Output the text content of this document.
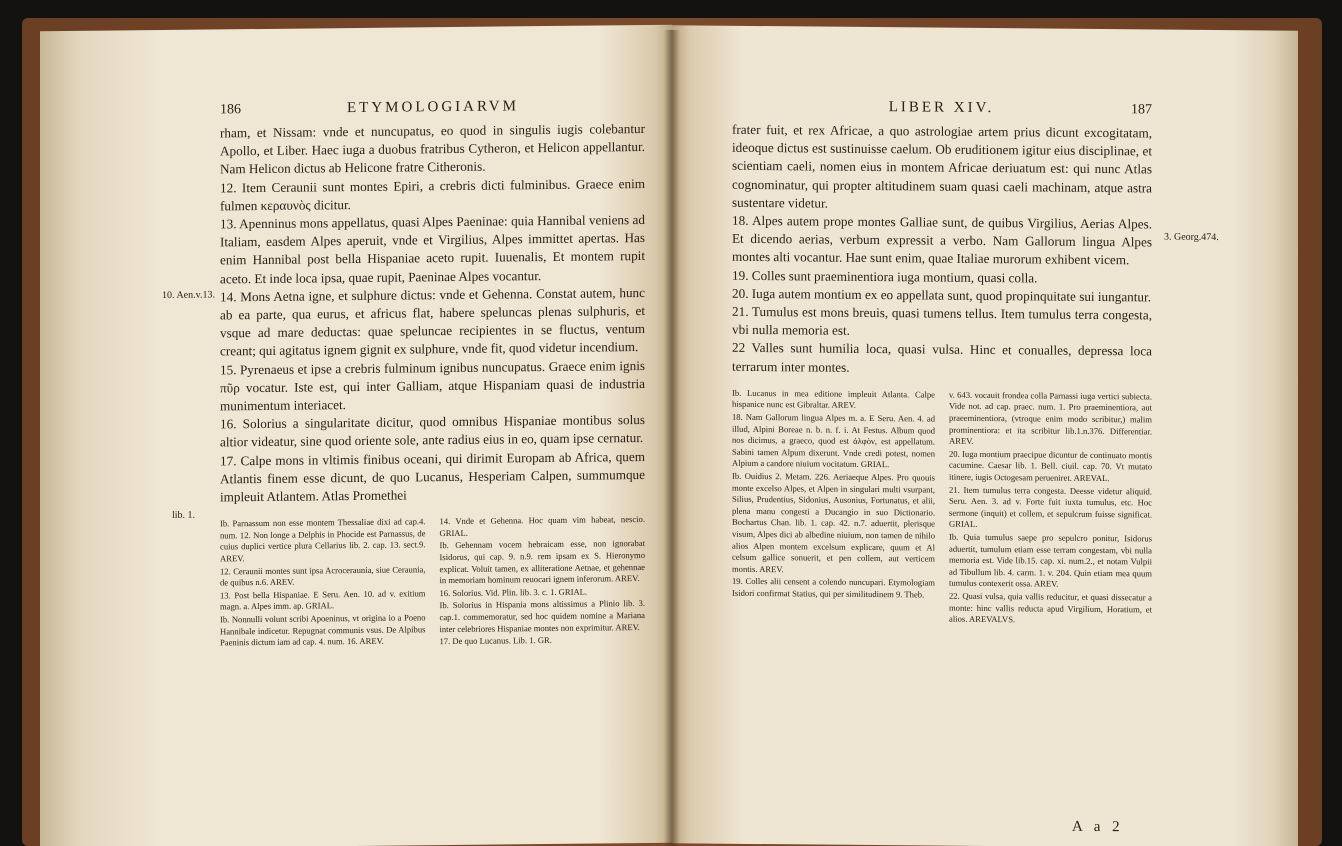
186	ETYMOLOGIARVM

rham, et Nissam: vnde et nuncupatus, eo quod in singulis iugis colebantur Apollo, et Liber. Haec iuga a duobus fratribus Cytheron, et Helicon appellantur. Nam Helicon dictus ab Helicone fratre Citheronis.

12. Item Ceraunii sunt montes Epiri, a crebris dicti fulminibus. Graece enim fulmen κεραυνὸς dicitur.

13. Apenninus mons appellatus, quasi Alpes Paeninae: quia Hannibal veniens ad Italiam, easdem Alpes aperuit, vnde et Virgilius, Alpes immittet apertas. Has enim Hannibal post bella Hispaniae aceto rupit. Iuuenalis, Et montem rupit aceto. Et inde loca ipsa, quae rupit, Paeninae Alpes vocantur.

14. Mons Aetna igne, et sulphure dictus: vnde et Gehenna. Constat autem, hunc ab ea parte, qua eurus, et africus flat, habere speluncas plenas sulphuris, et vsque ad mare deductas: quae speluncae recipientes in se fluctus, ventum creant; qui agitatus ignem gignit ex sulphure, vnde fit, quod videtur incendium.

15. Pyrenaeus et ipse a crebris fulminum ignibus nuncupatus. Graece enim ignis πῦρ vocatur. Iste est, qui inter Galliam, atque Hispaniam quasi de industria munimentum interiacet.

16. Solorius a singularitate dicitur, quod omnibus Hispaniae montibus solus altior videatur, sine quod oriente sole, ante radius eius in eo, quam ipse cernatur.

17. Calpe mons in vltimis finibus oceani, qui dirimit Europam ab Africa, quem Atlantis finem esse dicunt, de quo Lucanus, Hesperiam Calpen, summumque impleuit Atlantem. Atlas Promethei

Ib. Parnassum non esse montem Thessaliae dixi ad cap.4. num. 12. Non longe a Delphis in Phocide est Parnassus, de cuius duplici vertice plura Cellarius lib. 2. cap. 13. sect.9. AREV.

12. Ceraunii montes sunt ipsa Acroceraunia, siue Ceraunia, de quibus n.6. AREV.

13. Post bella Hispaniae. E Seru. Aen. 10. ad v. exitium magn. a. Alpes imm. ap. GRIAL.

Ib. Nonnulli volunt scribi Apoeninus, vt origina io a Poeno Hannibale indicetur. Repugnat communis vsus. De Alpibus Paeninis dictum iam ad cap. 4. num. 16. AREV.

14. Vnde et Gehenna. Hoc quam vim habeat, nescio. GRIAL.

Ib. Gehennam vocem hebraicam esse, non ignorabat Isidorus, qui cap. 9. n.9. rem ipsam ex S. Hieronymo explicat. Voluit tamen, ex alliteratione Aetnae, et gehennae in memoriam hominum reuocari ignem inferorum. AREV.

16. Solorius. Vid. Plin. lib. 3. c. 1. GRIAL.

Ib. Solorius in Hispania mons altissimus a Plinio lib. 3. cap.1. commemoratur, sed hoc quidem nomine a Mariana inter celebriores Hispaniae montes non exprimitur. AREV.

17. De quo Lucanus. Lib. 1. GR.

10. Aen.v.13.
lib. 1.
LIBER XIV.	187

frater fuit, et rex Africae, a quo astrologiae artem prius dicunt excogitatam, ideoque dictus est sustinuisse caelum. Ob eruditionem igitur eius disciplinae, et scientiam caeli, nomen eius in montem Africae deriuatum est: qui nunc Atlas cognominatur, qui propter altitudinem suam quasi caeli machinam, atque astra sustentare videtur.

18. Alpes autem prope montes Galliae sunt, de quibus Virgilius, Aerias Alpes. Et dicendo aerias, verbum expressit a verbo. Nam Gallorum lingua Alpes montes alti vocantur. Hae sunt enim, quae Italiae murorum exhibent vicem.

19. Colles sunt praeminentiora iuga montium, quasi colla.

20. Iuga autem montium ex eo appellata sunt, quod propinquitate sui iungantur.

21. Tumulus est mons breuis, quasi tumens tellus. Item tumulus terra congesta, vbi nulla memoria est.

22 Valles sunt humilia loca, quasi vulsa. Hinc et conualles, depressa loca terrarum inter montes.

Ib. Lucanus in mea editione impleuit Atlanta. Calpe hispanice nunc est Gibraltar. AREV.

18. Nam Gallorum lingua Alpes m. a. E Seru. Aen. 4. ad illud, Alpini Boreae n. b. n. f. i. At Festus. Album quod nos dicimus, a graeco, quod est ἀλφὸν, est appellatum. Sabini tamen Alpum dixerunt. Vnde credi potest, nomen Alpium a candore niuium vocitatum. GRIAL.

Ib. Ouidius 2. Metam. 226. Aeriaeque Alpes. Pro quouis monte excelso Alpes, et Alpen in singulari multi vsurpant, Silius, Prudentius, Sidonius, Ausonius, Fortunatus, et alii, plena manu congesti a Ducangio in suo Dictionario. Bochartus Chan. lib. 1. cap. 42. n.7. aduertit, plerisque visum, Alpes dici ab albedine niuium, non tamen de nihilo alios Alpen montem excelsum explicare, quum et Al celsum gallice sonuerit, et pen collem, aut verticem montis. AREV.

19. Colles alii censent a colendo nuncupari. Etymologiam Isidori confirmat Statius, qui per similitudinem 9. Theb.

v. 643. vocauit frondea colla Parnassi iuga vertici subiecta. Vide not. ad cap. praec. num. 1. Pro praeminentiora, aut praeeminentiora, (vtroque enim modo scribitur,) malim prominentiora: et ita scribitur lib.1.n.376. Differentiar. AREV.

20. Iuga montium praecipue dicuntur de continuato montis cacumine. Caesar lib. 1. Bell. ciuil. cap. 70. Vt mutato itinere, iugis Octogesam perueniret. AREVAL.

21. Item tumulus terra congesta. Deesse videtur aliquid. Seru. Aen. 3. ad v. Forte fuit iuxta tumulus, etc. Hoc sermone (inquit) et collem, et sepulcrum fuisse significat. GRIAL.

Ib. Quia tumulus saepe pro sepulcro ponitur, Isidorus aduertit, tumulum etiam esse terram congestam, vbi nulla memoria est. Vide lib.15. cap. xi. num.2., et notam Vulpii ad Tibullum lib. 4. carm. 1. v. 204. Quin etiam mea quum tumulus contexerit ossa. AREV.

22. Quasi vulsa, quia vallis reducitur, et quasi dissecatur a monte: hinc vallis reducta apud Virgilium, Horatium, et alios. AREVALVS.

3. Georg.474.
A a 2
